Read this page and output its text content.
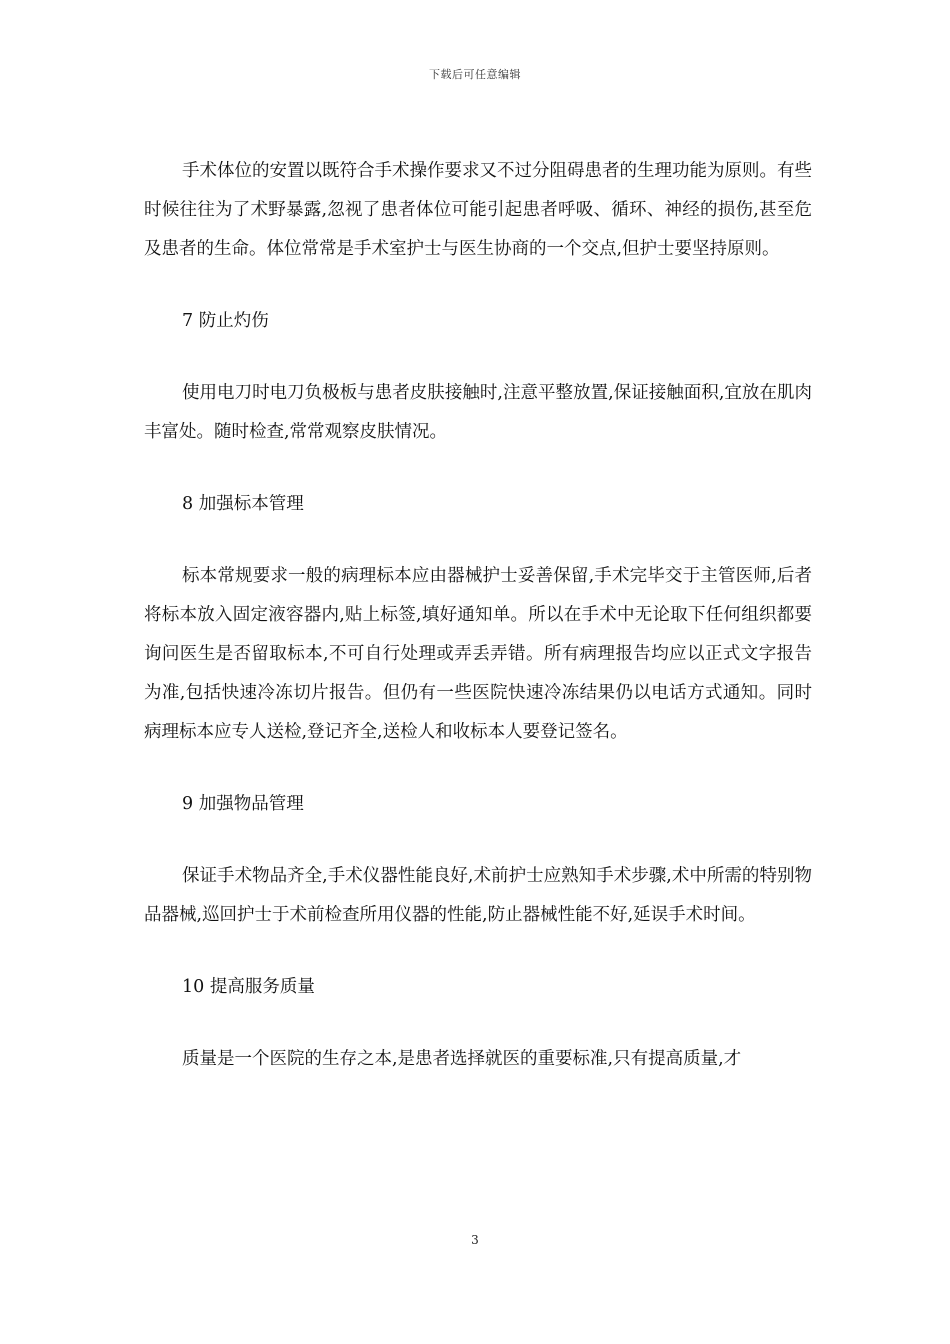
下载后可任意编辑

手术体位的安置以既符合手术操作要求又不过分阻碍患者的生理功能为原则。有些时候往往为了术野暴露,忽视了患者体位可能引起患者呼吸、循环、神经的损伤,甚至危及患者的生命。体位常常是手术室护士与医生协商的一个交点,但护士要坚持原则。

7 防止灼伤

使用电刀时电刀负极板与患者皮肤接触时,注意平整放置,保证接触面积,宜放在肌肉丰富处。随时检查,常常观察皮肤情况。

8 加强标本管理

标本常规要求一般的病理标本应由器械护士妥善保留,手术完毕交于主管医师,后者将标本放入固定液容器内,贴上标签,填好通知单。所以在手术中无论取下任何组织都要询问医生是否留取标本,不可自行处理或弄丢弄错。所有病理报告均应以正式文字报告为准,包括快速冷冻切片报告。但仍有一些医院快速冷冻结果仍以电话方式通知。同时病理标本应专人送检,登记齐全,送检人和收标本人要登记签名。

9 加强物品管理

保证手术物品齐全,手术仪器性能良好,术前护士应熟知手术步骤,术中所需的特别物品器械,巡回护士于术前检查所用仪器的性能,防止器械性能不好,延误手术时间。

10 提高服务质量

质量是一个医院的生存之本,是患者选择就医的重要标准,只有提高质量,才

3
